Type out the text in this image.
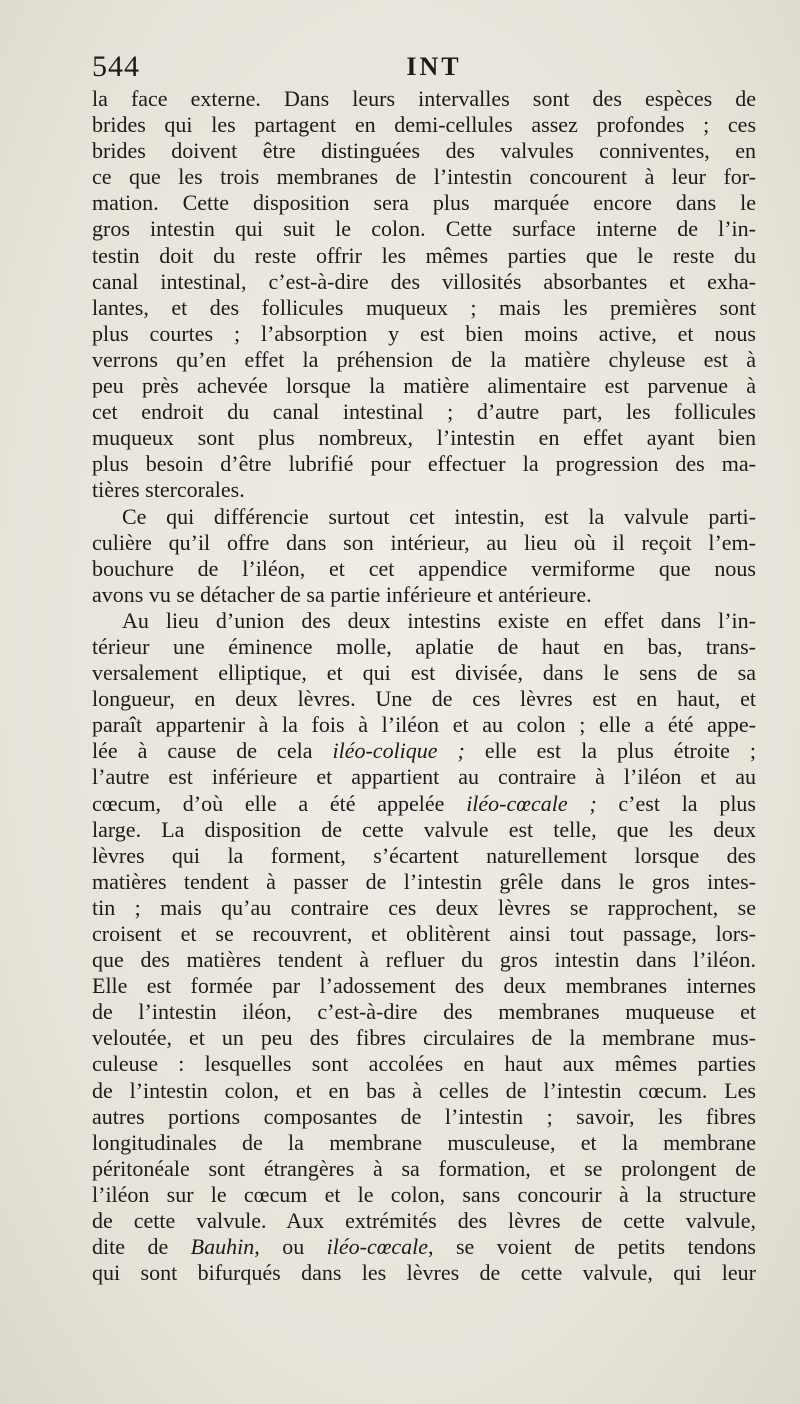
544	INT
la face externe. Dans leurs intervalles sont des espèces de
brides qui les partagent en demi-cellules assez profondes ; ces
brides doivent être distinguées des valvules conniventes, en
ce que les trois membranes de l’intestin concourent à leur for-
mation. Cette disposition sera plus marquée encore dans le
gros intestin qui suit le colon. Cette surface interne de l’in-
testin doit du reste offrir les mêmes parties que le reste du
canal intestinal, c’est-à-dire des villosités absorbantes et exha-
lantes, et des follicules muqueux ; mais les premières sont
plus courtes ; l’absorption y est bien moins active, et nous
verrons qu’en effet la préhension de la matière chyleuse est à
peu près achevée lorsque la matière alimentaire est parvenue à
cet endroit du canal intestinal ; d’autre part, les follicules
muqueux sont plus nombreux, l’intestin en effet ayant bien
plus besoin d’être lubrifié pour effectuer la progression des ma-
tières stercorales.
Ce qui différencie surtout cet intestin, est la valvule parti-
culière qu’il offre dans son intérieur, au lieu où il reçoit l’em-
bouchure de l’iléon, et cet appendice vermiforme que nous
avons vu se détacher de sa partie inférieure et antérieure.
Au lieu d’union des deux intestins existe en effet dans l’in-
térieur une éminence molle, aplatie de haut en bas, trans-
versalement elliptique, et qui est divisée, dans le sens de sa
longueur, en deux lèvres. Une de ces lèvres est en haut, et
paraît appartenir à la fois à l’iléon et au colon ; elle a été appe-
lée à cause de cela iléo-colique ; elle est la plus étroite ;
l’autre est inférieure et appartient au contraire à l’iléon et au
cœcum, d’où elle a été appelée iléo-cœcale ; c’est la plus
large. La disposition de cette valvule est telle, que les deux
lèvres qui la forment, s’écartent naturellement lorsque des
matières tendent à passer de l’intestin grêle dans le gros intes-
tin ; mais qu’au contraire ces deux lèvres se rapprochent, se
croisent et se recouvrent, et oblitèrent ainsi tout passage, lors-
que des matières tendent à refluer du gros intestin dans l’iléon.
Elle est formée par l’adossement des deux membranes internes
de l’intestin iléon, c’est-à-dire des membranes muqueuse et
veloutée, et un peu des fibres circulaires de la membrane mus-
culeuse : lesquelles sont accolées en haut aux mêmes parties
de l’intestin colon, et en bas à celles de l’intestin cœcum. Les
autres portions composantes de l’intestin ; savoir, les fibres
longitudinales de la membrane musculeuse, et la membrane
péritonéale sont étrangères à sa formation, et se prolongent de
l’iléon sur le cœcum et le colon, sans concourir à la structure
de cette valvule. Aux extrémités des lèvres de cette valvule,
dite de Bauhin, ou iléo-cœcale, se voient de petits tendons
qui sont bifurqués dans les lèvres de cette valvule, qui leur
